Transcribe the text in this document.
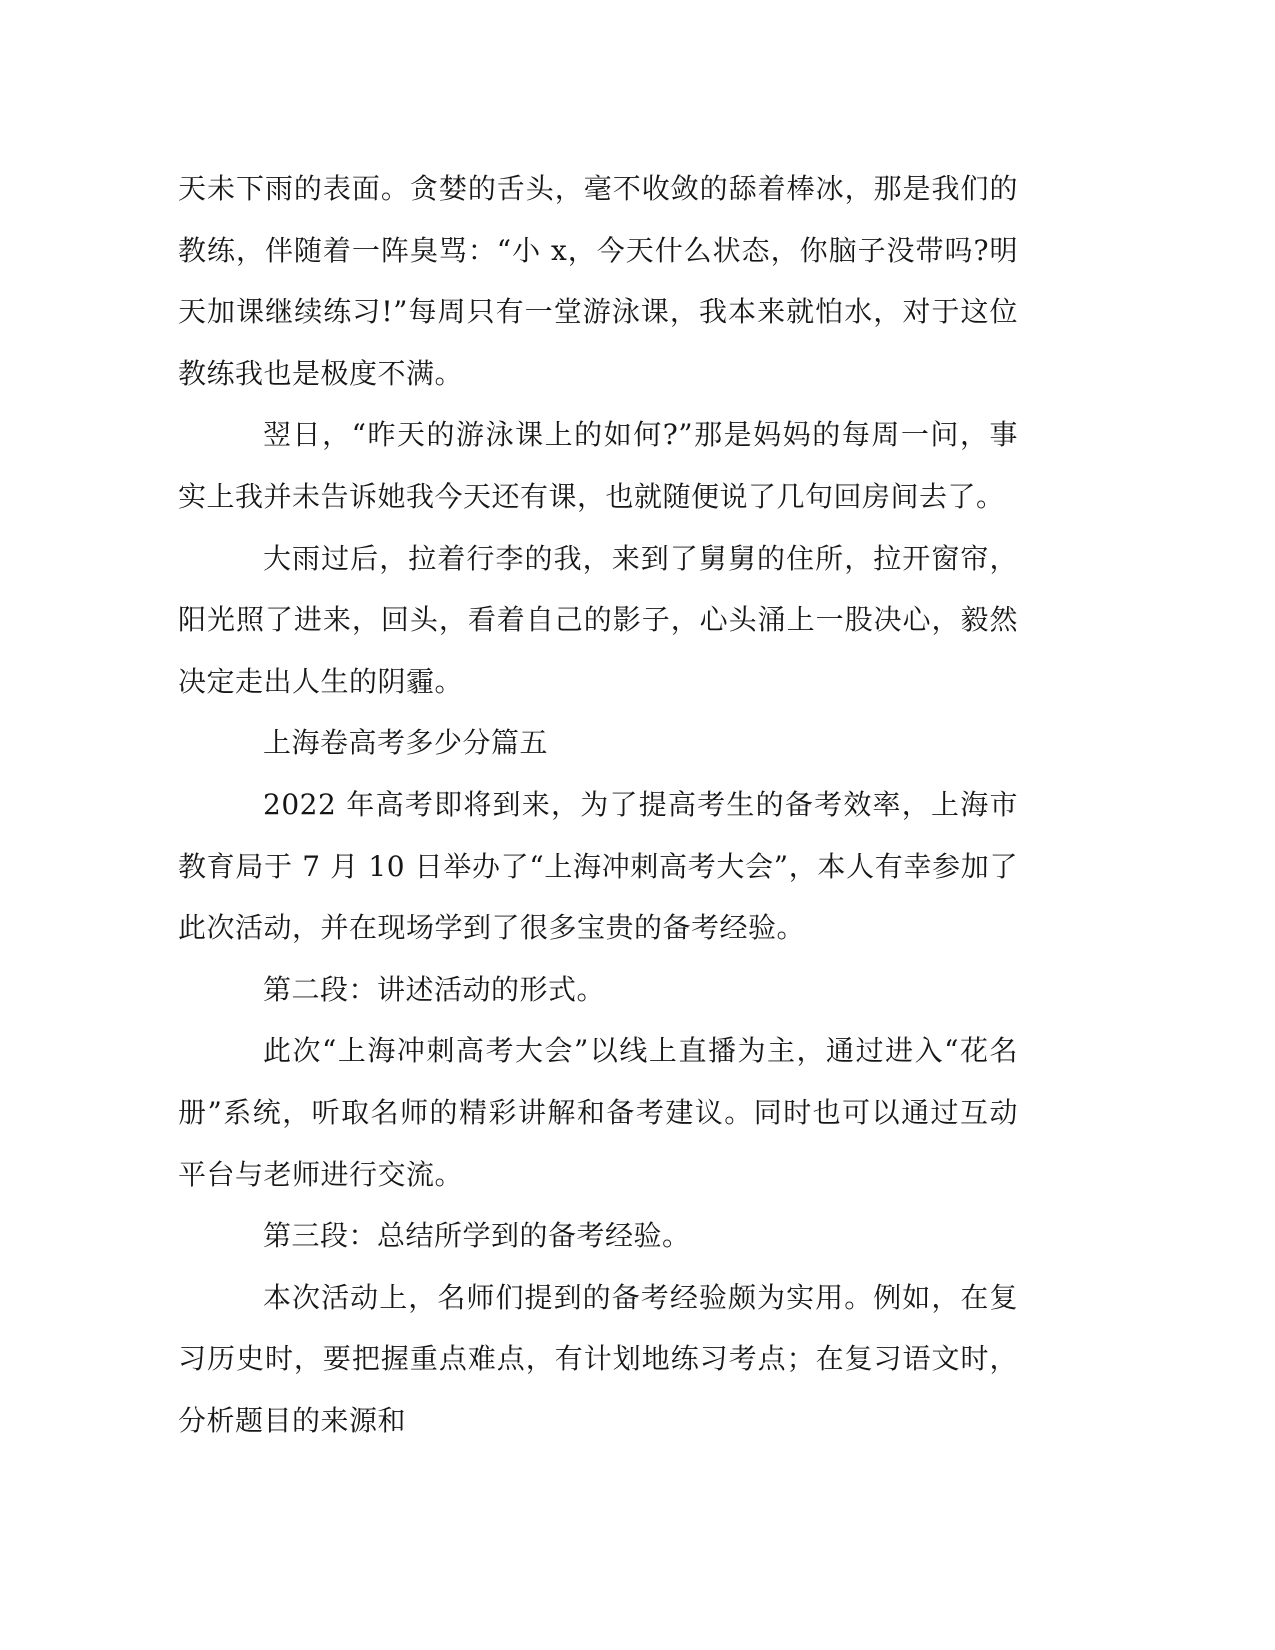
天未下雨的表面。贪婪的舌头，毫不收敛的舔着棒冰，那是我们的教练，伴随着一阵臭骂：“小 x，今天什么状态，你脑子没带吗?明天加课继续练习!”每周只有一堂游泳课，我本来就怕水，对于这位教练我也是极度不满。

翌日，“昨天的游泳课上的如何?”那是妈妈的每周一问，事实上我并未告诉她我今天还有课，也就随便说了几句回房间去了。

大雨过后，拉着行李的我，来到了舅舅的住所，拉开窗帘，阳光照了进来，回头，看着自己的影子，心头涌上一股决心，毅然决定走出人生的阴霾。

上海卷高考多少分篇五

2022 年高考即将到来，为了提高考生的备考效率，上海市教育局于 7 月 10 日举办了“上海冲刺高考大会”，本人有幸参加了此次活动，并在现场学到了很多宝贵的备考经验。

第二段：讲述活动的形式。

此次“上海冲刺高考大会”以线上直播为主，通过进入“花名册”系统，听取名师的精彩讲解和备考建议。同时也可以通过互动平台与老师进行交流。

第三段：总结所学到的备考经验。

本次活动上，名师们提到的备考经验颇为实用。例如，在复习历史时，要把握重点难点，有计划地练习考点；在复习语文时，分析题目的来源和
